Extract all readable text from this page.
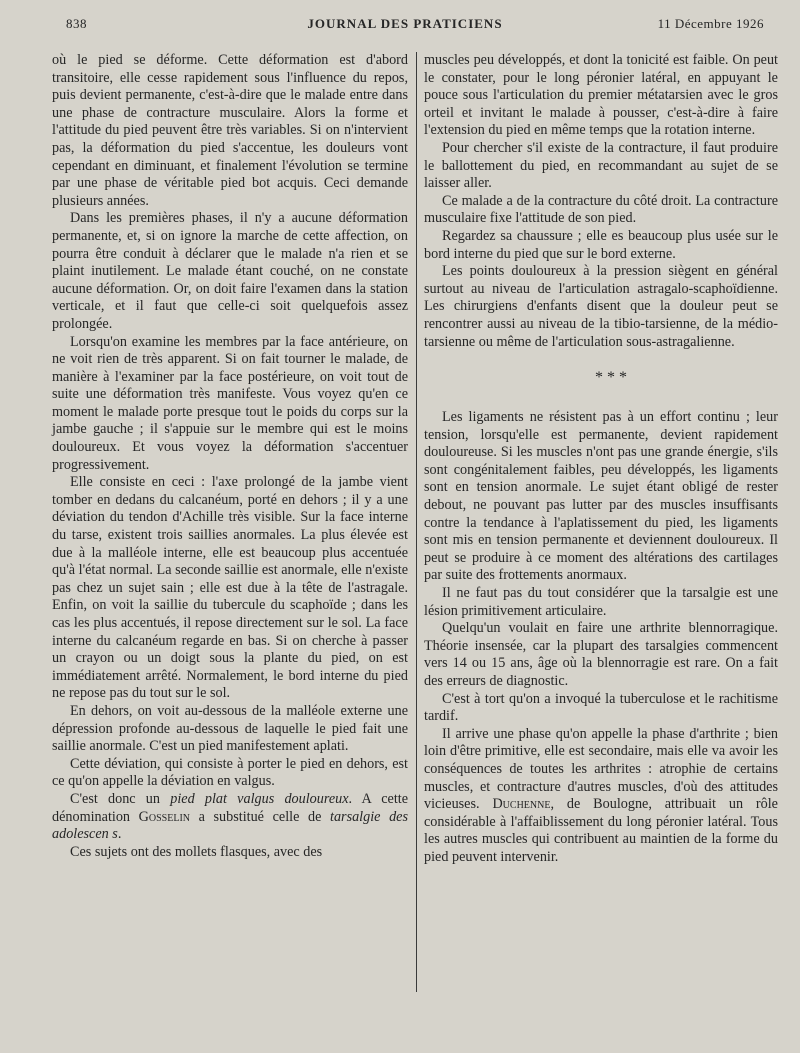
838	JOURNAL DES PRATICIENS	11 Décembre 1926

où le pied se déforme. Cette déformation est d'abord transitoire, elle cesse rapidement sous l'influence du repos, puis devient permanente, c'est-à-dire que le malade entre dans une phase de contracture musculaire. Alors la forme et l'attitude du pied peuvent être très variables. Si on n'intervient pas, la déformation du pied s'accentue, les douleurs vont cependant en diminuant, et finalement l'évolution se termine par une phase de véritable pied bot acquis. Ceci demande plusieurs années.

Dans les premières phases, il n'y a aucune déformation permanente, et, si on ignore la marche de cette affection, on pourra être conduit à déclarer que le malade n'a rien et se plaint inutilement. Le malade étant couché, on ne constate aucune déformation. Or, on doit faire l'examen dans la station verticale, et il faut que celle-ci soit quelquefois assez prolongée.

Lorsqu'on examine les membres par la face antérieure, on ne voit rien de très apparent. Si on fait tourner le malade, de manière à l'examiner par la face postérieure, on voit tout de suite une déformation très manifeste. Vous voyez qu'en ce moment le malade porte presque tout le poids du corps sur la jambe gauche ; il s'appuie sur le membre qui est le moins douloureux. Et vous voyez la déformation s'accentuer progressivement.

Elle consiste en ceci : l'axe prolongé de la jambe vient tomber en dedans du calcanéum, porté en dehors ; il y a une déviation du tendon d'Achille très visible. Sur la face interne du tarse, existent trois saillies anormales. La plus élevée est due à la malléole interne, elle est beaucoup plus accentuée qu'à l'état normal. La seconde saillie est anormale, elle n'existe pas chez un sujet sain ; elle est due à la tête de l'astragale. Enfin, on voit la saillie du tubercule du scaphoïde ; dans les cas les plus accentués, il repose directement sur le sol. La face interne du calcanéum regarde en bas. Si on cherche à passer un crayon ou un doigt sous la plante du pied, on est immédiatement arrêté. Normalement, le bord interne du pied ne repose pas du tout sur le sol.

En dehors, on voit au-dessous de la malléole externe une dépression profonde au-dessous de laquelle le pied fait une saillie anormale. C'est un pied manifestement aplati.

Cette déviation, qui consiste à porter le pied en dehors, est ce qu'on appelle la déviation en valgus.

C'est donc un pied plat valgus douloureux. A cette dénomination Gosselin a substitué celle de tarsalgie des adolescen s.

Ces sujets ont des mollets flasques, avec des

muscles peu développés, et dont la tonicité est faible. On peut le constater, pour le long péronier latéral, en appuyant le pouce sous l'articulation du premier métatarsien avec le gros orteil et invitant le malade à pousser, c'est-à-dire à faire l'extension du pied en même temps que la rotation interne.

Pour chercher s'il existe de la contracture, il faut produire le ballottement du pied, en recommandant au sujet de se laisser aller.

Ce malade a de la contracture du côté droit. La contracture musculaire fixe l'attitude de son pied.

Regardez sa chaussure ; elle es beaucoup plus usée sur le bord interne du pied que sur le bord externe.

Les points douloureux à la pression siègent en général surtout au niveau de l'articulation astragalo-scaphoïdienne. Les chirurgiens d'enfants disent que la douleur peut se rencontrer aussi au niveau de la tibio-tarsienne, de la médio-tarsienne ou même de l'articulation sous-astragalienne.

* * *

Les ligaments ne résistent pas à un effort continu ; leur tension, lorsqu'elle est permanente, devient rapidement douloureuse. Si les muscles n'ont pas une grande énergie, s'ils sont congénitalement faibles, peu développés, les ligaments sont en tension anormale. Le sujet étant obligé de rester debout, ne pouvant pas lutter par des muscles insuffisants contre la tendance à l'aplatissement du pied, les ligaments sont mis en tension permanente et deviennent douloureux. Il peut se produire à ce moment des altérations des cartilages par suite des frottements anormaux.

Il ne faut pas du tout considérer que la tarsalgie est une lésion primitivement articulaire.

Quelqu'un voulait en faire une arthrite blennorragique. Théorie insensée, car la plupart des tarsalgies commencent vers 14 ou 15 ans, âge où la blennorragie est rare. On a fait des erreurs de diagnostic.

C'est à tort qu'on a invoqué la tuberculose et le rachitisme tardif.

Il arrive une phase qu'on appelle la phase d'arthrite ; bien loin d'être primitive, elle est secondaire, mais elle va avoir les conséquences de toutes les arthrites : atrophie de certains muscles, et contracture d'autres muscles, d'où des attitudes vicieuses. Duchenne, de Boulogne, attribuait un rôle considérable à l'affaiblissement du long péronier latéral. Tous les autres muscles qui contribuent au maintien de la forme du pied peuvent intervenir.
